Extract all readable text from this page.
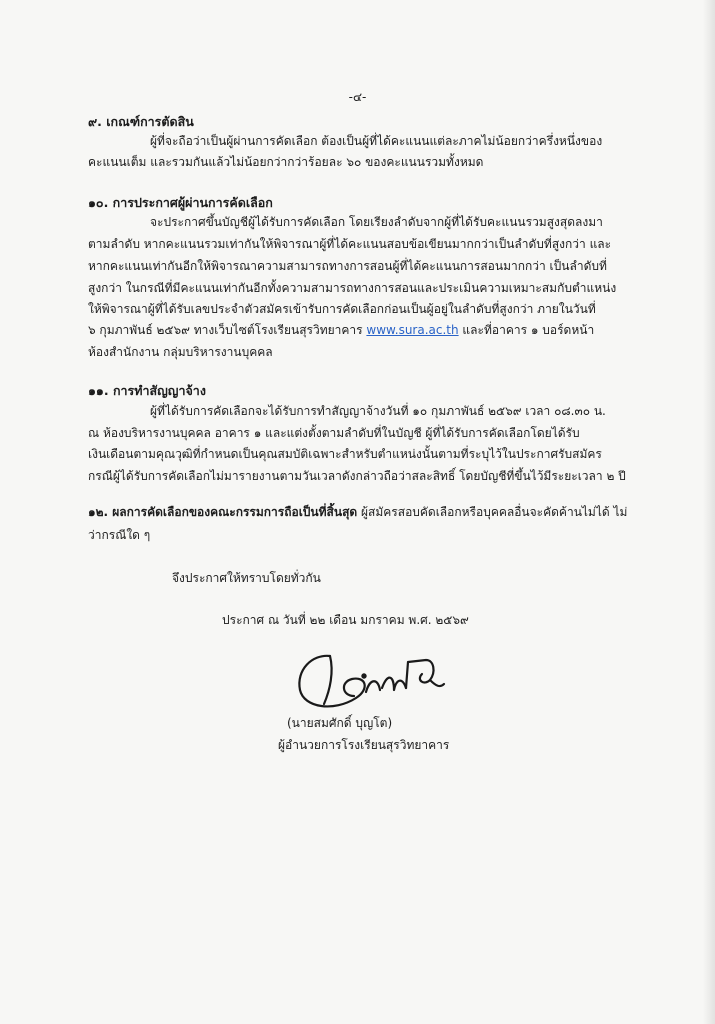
-๔-
๙. เกณฑ์การตัดสิน
ผู้ที่จะถือว่าเป็นผู้ผ่านการคัดเลือก ต้องเป็นผู้ที่ได้คะแนนแต่ละภาคไม่น้อยกว่าครึ่งหนึ่งของ
คะแนนเต็ม และรวมกันแล้วไม่น้อยกว่ากว่าร้อยละ ๖๐ ของคะแนนรวมทั้งหมด
๑๐. การประกาศผู้ผ่านการคัดเลือก
จะประกาศขึ้นบัญชีผู้ได้รับการคัดเลือก โดยเรียงลำดับจากผู้ที่ได้รับคะแนนรวมสูงสุดลงมา
ตามลำดับ หากคะแนนรวมเท่ากันให้พิจารณาผู้ที่ได้คะแนนสอบข้อเขียนมากกว่าเป็นลำดับที่สูงกว่า และ
หากคะแนนเท่ากันอีกให้พิจารณาความสามารถทางการสอนผู้ที่ได้คะแนนการสอนมากกว่า เป็นลำดับที่
สูงกว่า ในกรณีที่มีคะแนนเท่ากันอีกทั้งความสามารถทางการสอนและประเมินความเหมาะสมกับตำแหน่ง
ให้พิจารณาผู้ที่ได้รับเลขประจำตัวสมัครเข้ารับการคัดเลือกก่อนเป็นผู้อยู่ในลำดับที่สูงกว่า ภายในวันที่
๖ กุมภาพันธ์ ๒๕๖๙ ทางเว็บไซต์โรงเรียนสุรวิทยาคาร www.sura.ac.th และที่อาคาร ๑ บอร์ดหน้า
ห้องสำนักงาน กลุ่มบริหารงานบุคคล
๑๑. การทำสัญญาจ้าง
ผู้ที่ได้รับการคัดเลือกจะได้รับการทำสัญญาจ้างวันที่ ๑๐ กุมภาพันธ์ ๒๕๖๙ เวลา ๐๘.๓๐ น.
ณ ห้องบริหารงานบุคคล อาคาร ๑ และแต่งตั้งตามลำดับที่ในบัญชี ผู้ที่ได้รับการคัดเลือกโดยได้รับ
เงินเดือนตามคุณวุฒิที่กำหนดเป็นคุณสมบัติเฉพาะสำหรับตำแหน่งนั้นตามที่ระบุไว้ในประกาศรับสมัคร
กรณีผู้ได้รับการคัดเลือกไม่มารายงานตามวันเวลาดังกล่าวถือว่าสละสิทธิ์ โดยบัญชีที่ขึ้นไว้มีระยะเวลา ๒ ปี
๑๒. ผลการคัดเลือกของคณะกรรมการถือเป็นที่สิ้นสุด ผู้สมัครสอบคัดเลือกหรือบุคคลอื่นจะคัดค้านไม่ได้ ไม่
ว่ากรณีใด ๆ
จึงประกาศให้ทราบโดยทั่วกัน
ประกาศ ณ วันที่ ๒๒ เดือน มกราคม พ.ศ. ๒๕๖๙
(นายสมศักดิ์ บุญโต)
ผู้อำนวยการโรงเรียนสุรวิทยาคาร
